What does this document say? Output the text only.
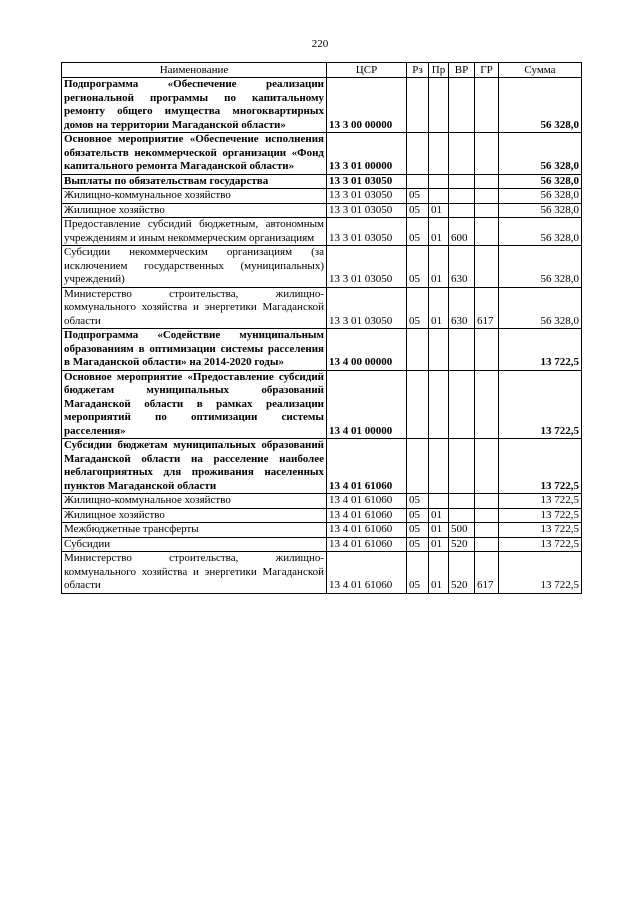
220
Наименование	ЦСР	Рз	Пр	ВР	ГР	Сумма
Подпрограмма «Обеспечение реализации региональной программы по капитальному ремонту общего имущества многоквартирных домов на территории Магаданской области»	13 3 00 00000					56 328,0
Основное мероприятие «Обеспечение исполнения обязательств некоммерческой организации «Фонд капитального ремонта Магаданской области»	13 3 01 00000					56 328,0
Выплаты по обязательствам государства	13 3 01 03050					56 328,0
Жилищно-коммунальное хозяйство	13 3 01 03050	05				56 328,0
Жилищное хозяйство	13 3 01 03050	05	01			56 328,0
Предоставление субсидий бюджетным, автономным учреждениям и иным некоммерческим организациям	13 3 01 03050	05	01	600		56 328,0
Субсидии некоммерческим организациям (за исключением государственных (муниципальных) учреждений)	13 3 01 03050	05	01	630		56 328,0
Министерство строительства, жилищно-коммунального хозяйства и энергетики Магаданской области	13 3 01 03050	05	01	630	617	56 328,0
Подпрограмма «Содействие муниципальным образованиям в оптимизации системы расселения в Магаданской области» на 2014-2020 годы»	13 4 00 00000					13 722,5
Основное мероприятие «Предоставление субсидий бюджетам муниципальных образований Магаданской области в рамках реализации мероприятий по оптимизации системы расселения»	13 4 01 00000					13 722,5
Субсидии бюджетам муниципальных образований Магаданской области на расселение наиболее неблагоприятных для проживания населенных пунктов Магаданской области	13 4 01 61060					13 722,5
Жилищно-коммунальное хозяйство	13 4 01 61060	05				13 722,5
Жилищное хозяйство	13 4 01 61060	05	01			13 722,5
Межбюджетные трансферты	13 4 01 61060	05	01	500		13 722,5
Субсидии	13 4 01 61060	05	01	520		13 722,5
Министерство строительства, жилищно-коммунального хозяйства и энергетики Магаданской области	13 4 01 61060	05	01	520	617	13 722,5
